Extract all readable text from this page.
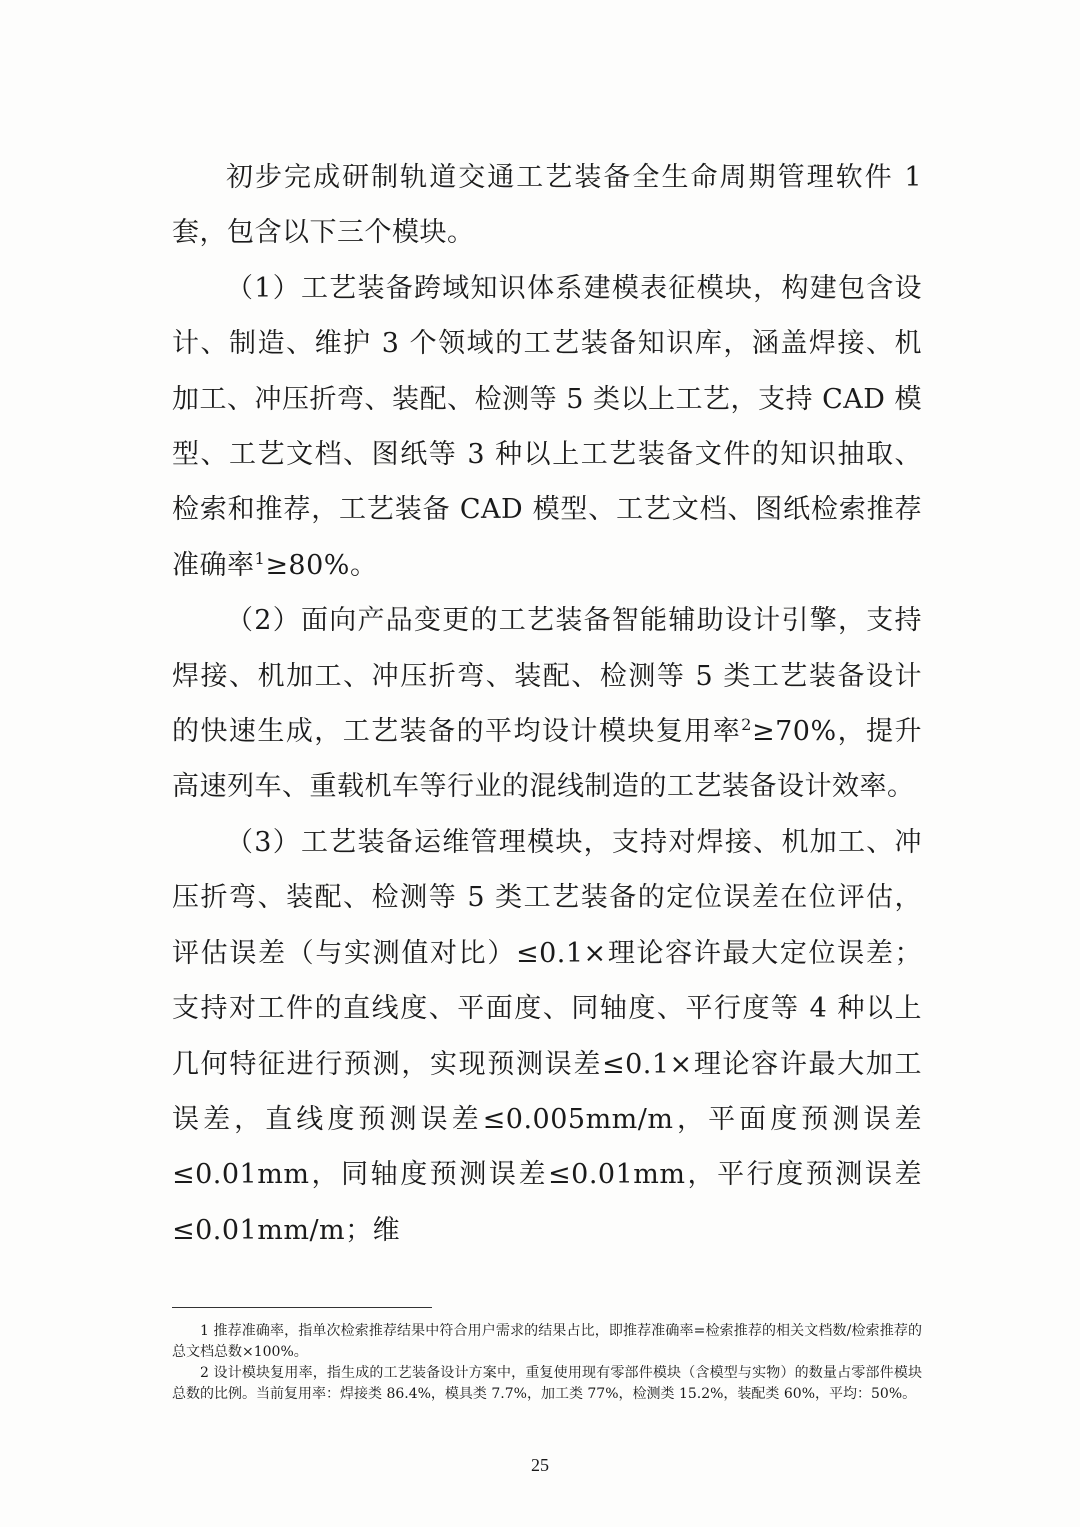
初步完成研制轨道交通工艺装备全生命周期管理软件 1 套，包含以下三个模块。

（1）工艺装备跨域知识体系建模表征模块，构建包含设计、制造、维护 3 个领域的工艺装备知识库，涵盖焊接、机加工、冲压折弯、装配、检测等 5 类以上工艺，支持 CAD 模型、工艺文档、图纸等 3 种以上工艺装备文件的知识抽取、检索和推荐，工艺装备 CAD 模型、工艺文档、图纸检索推荐准确率$^1$≥80%。

（2）面向产品变更的工艺装备智能辅助设计引擎，支持焊接、机加工、冲压折弯、装配、检测等 5 类工艺装备设计的快速生成，工艺装备的平均设计模块复用率$^2$≥70%，提升高速列车、重载机车等行业的混线制造的工艺装备设计效率。

（3）工艺装备运维管理模块，支持对焊接、机加工、冲压折弯、装配、检测等 5 类工艺装备的定位误差在位评估，评估误差（与实测值对比）≤0.1×理论容许最大定位误差；支持对工件的直线度、平面度、同轴度、平行度等 4 种以上几何特征进行预测，实现预测误差≤0.1×理论容许最大加工误差，直线度预测误差≤0.005mm/m，平面度预测误差≤0.01mm，同轴度预测误差≤0.01mm，平行度预测误差≤0.01mm/m；维

1 推荐准确率，指单次检索推荐结果中符合用户需求的结果占比，即推荐准确率=检索推荐的相关文档数/检索推荐的总文档总数×100%。

2 设计模块复用率，指生成的工艺装备设计方案中，重复使用现有零部件模块（含模型与实物）的数量占零部件模块总数的比例。当前复用率：焊接类 86.4%，模具类 7.7%，加工类 77%，检测类 15.2%，装配类 60%，平均：50%。

25
